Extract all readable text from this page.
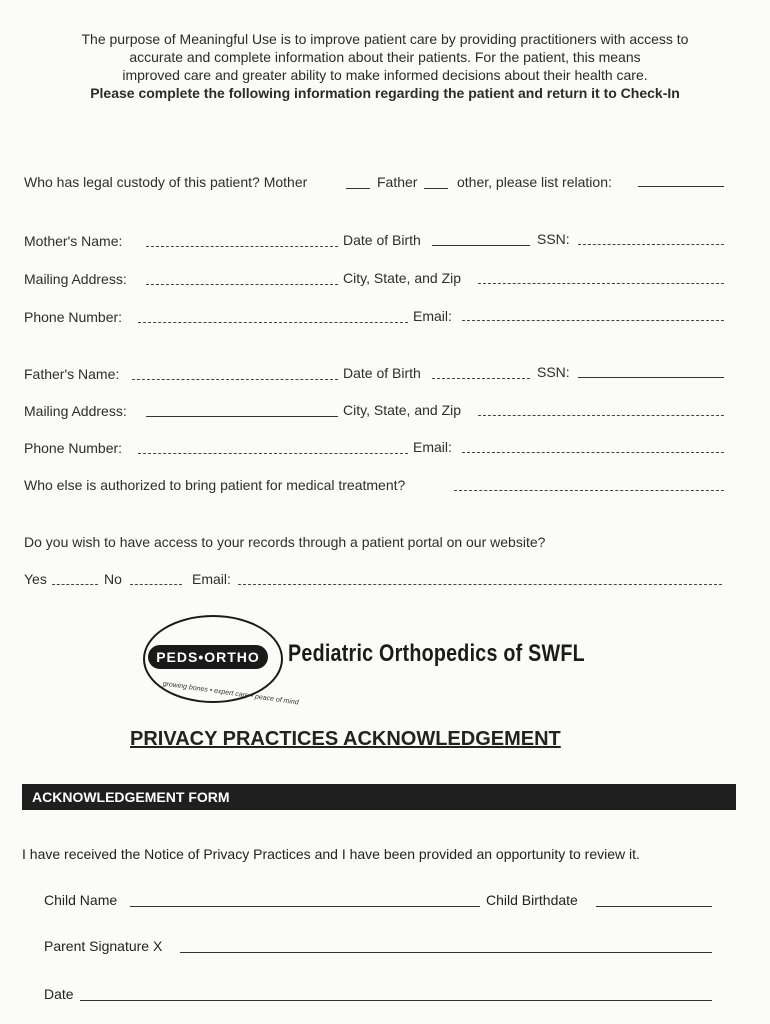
The purpose of Meaningful Use is to improve patient care by providing practitioners with access to
accurate and complete information about their patients. For the patient, this means
improved care and greater ability to make informed decisions about their health care.
Please complete the following information regarding the patient and return it to Check-In
Who has legal custody of this patient? Mother	Father	other, please list relation:
Mother's Name:	Date of Birth	SSN:
Mailing Address:	City, State, and Zip
Phone Number:	Email:
Father's Name:	Date of Birth	SSN:
Mailing Address:	City, State, and Zip
Phone Number:	Email:
Who else is authorized to bring patient for medical treatment?
Do you wish to have access to your records through a patient portal on our website?
Yes	No	Email:
PEDS•ORTHO
growing bones • expert care • peace of mind
Pediatric Orthopedics of SWFL
PRIVACY PRACTICES ACKNOWLEDGEMENT
ACKNOWLEDGEMENT FORM
I have received the Notice of Privacy Practices and I have been provided an opportunity to review it.
Child Name	Child Birthdate
Parent Signature X
Date
